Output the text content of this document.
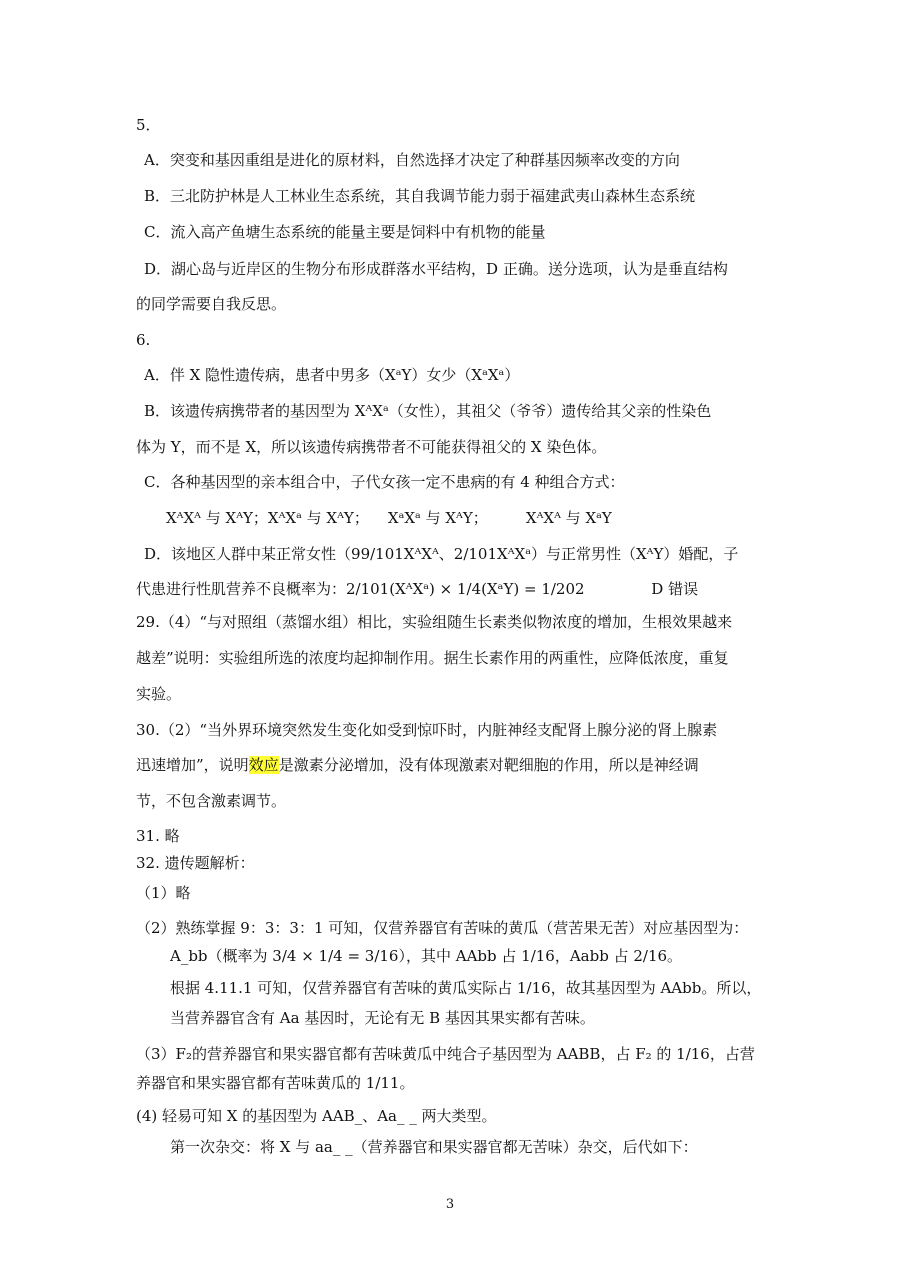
5．
A．突变和基因重组是进化的原材料，自然选择才决定了种群基因频率改变的方向
B．三北防护林是人工林业生态系统，其自我调节能力弱于福建武夷山森林生态系统
C．流入高产鱼塘生态系统的能量主要是饲料中有机物的能量
D．湖心岛与近岸区的生物分布形成群落水平结构，D 正确。送分选项，认为是垂直结构
的同学需要自我反思。
6.
A．伴 X 隐性遗传病，患者中男多（XᵃY）女少（XᵃXᵃ）
B．该遗传病携带者的基因型为 XᴬXᵃ（女性），其祖父（爷爷）遗传给其父亲的性染色
体为 Y，而不是 X，所以该遗传病携带者不可能获得祖父的 X 染色体。
C．各种基因型的亲本组合中，子代女孩一定不患病的有 4 种组合方式：
XᴬXᴬ 与 XᴬY；XᴬXᵃ 与 XᴬY；    XᵃXᵃ 与 XᴬY；        XᴬXᴬ 与 XᵃY
D．该地区人群中某正常女性（99/101XᴬXᴬ、2/101XᴬXᵃ）与正常男性（XᴬY）婚配，子
代患进行性肌营养不良概率为：2/101(XᴬXᵃ) × 1/4(XᵃY) = 1/202              D 错误
29.（4）“与对照组（蒸馏水组）相比，实验组随生长素类似物浓度的增加，生根效果越来
越差”说明：实验组所选的浓度均起抑制作用。据生长素作用的两重性，应降低浓度，重复
实验。
30.（2）“当外界环境突然发生变化如受到惊吓时，内脏神经支配肾上腺分泌的肾上腺素
迅速增加”，说明效应是激素分泌增加，没有体现激素对靶细胞的作用，所以是神经调
节，不包含激素调节。
31. 略
32. 遗传题解析：
（1）略
（2）熟练掌握 9：3：3：1 可知，仅营养器官有苦味的黄瓜（营苦果无苦）对应基因型为：
A_bb（概率为 3/4 × 1/4 = 3/16），其中 AAbb 占 1/16，Aabb 占 2/16。
根据 4.11.1 可知，仅营养器官有苦味的黄瓜实际占 1/16，故其基因型为 AAbb。所以，
当营养器官含有 Aa 基因时，无论有无 B 基因其果实都有苦味。
（3）F₂的营养器官和果实器官都有苦味黄瓜中纯合子基因型为 AABB，占 F₂ 的 1/16，占营
养器官和果实器官都有苦味黄瓜的 1/11。
(4) 轻易可知 X 的基因型为 AAB_、Aa_ _ 两大类型。
第一次杂交：将 X 与 aa_ _（营养器官和果实器官都无苦味）杂交，后代如下：
3
